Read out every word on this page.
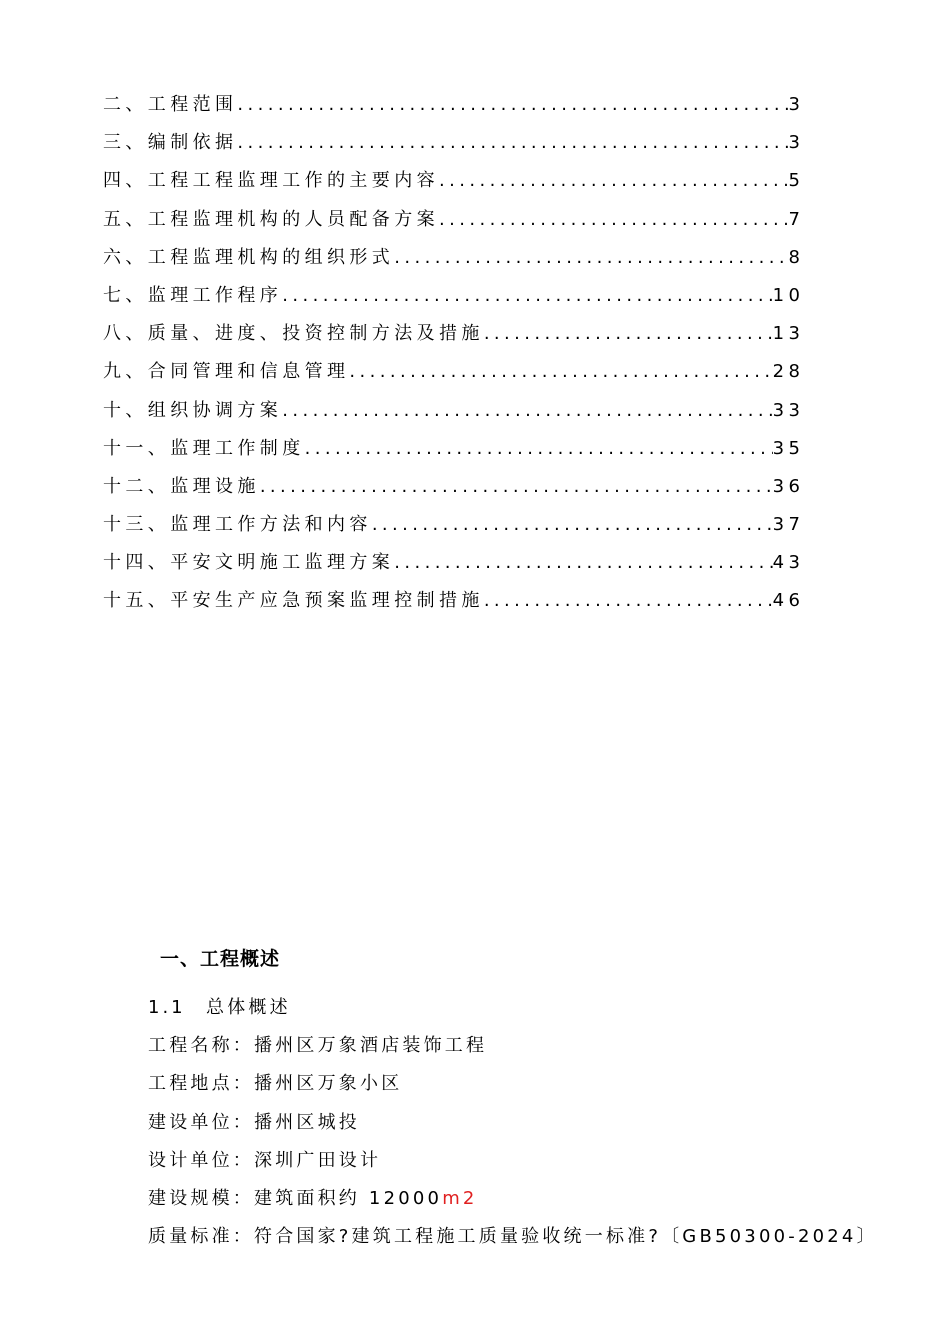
二、工程范围 .....	3
三、编制依据 .....	3
四、工程工程监理工作的主要内容 .....	5
五、工程监理机构的人员配备方案 .....	7
六、工程监理机构的组织形式 .....	8
七、监理工作程序 .....	10
八、质量、进度、投资控制方法及措施 .....	13
九、合同管理和信息管理 .....	28
十、组织协调方案 .....	33
十一、监理工作制度 .....	35
十二、监理设施 .....	36
十三、监理工作方法和内容 .....	37
十四、平安文明施工监理方案 .....	43
十五、平安生产应急预案监理控制措施 .....	46
一、工程概述
1.1 总体概述
工程名称：播州区万象酒店装饰工程
工程地点：播州区万象小区
建设单位：播州区城投
设计单位：深圳广田设计
建设规模：建筑面积约 12000m2
质量标准：符合国家?建筑工程施工质量验收统一标准?〔GB50300-2024〕
